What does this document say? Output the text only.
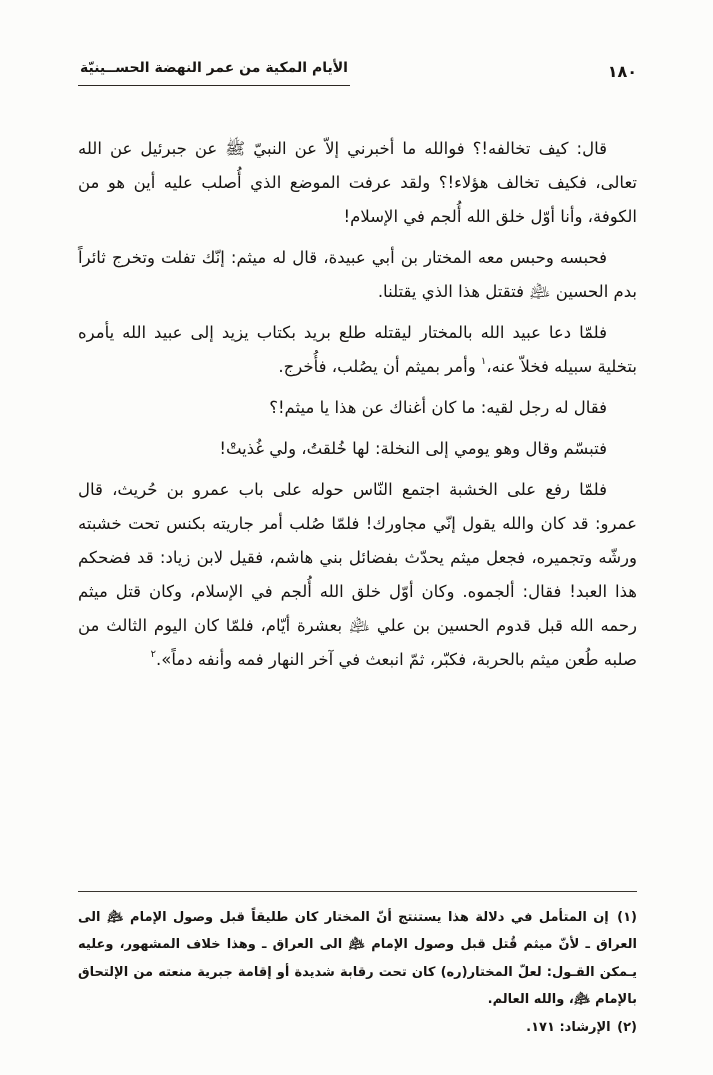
١٨٠
الأيام المكية من عمر النهضة الحســينيّة

قال: كيف تخالفه!؟ فوالله ما أخبرني إلاّ عن النبيّ ﷺ عن جبرئيل عن الله تعالى، فكيف تخالف هؤلاء!؟ ولقد عرفت الموضع الذي أُصلب عليه أين هو من الكوفة، وأنا أوّل خلق الله أُلجم في الإسلام!

فحبسه وحبس معه المختار بن أبي عبيدة، قال له ميثم: إنّك تفلت وتخرج ثائراً بدم الحسين ﵇ فتقتل هذا الذي يقتلنا.

فلمّا دعا عبيد الله بالمختار ليقتله طلع بريد بكتاب يزيد إلى عبيد الله يأمره بتخلية سبيله فخلاّ عنه،$^١$ وأمر بميثم أن يصُلب، فأُخرج.

فقال له رجل لقيه: ما كان أغناك عن هذا يا ميثم!؟

فتبسّم وقال وهو يومي إلى النخلة: لها خُلقتُ، ولي غُذيتْ!

فلمّا رفع على الخشبة اجتمع النّاس حوله على باب عمرو بن حُريث، قال عمرو: قد كان والله يقول إنّي مجاورك! فلمّا صُلب أمر جاريته بكنس تحت خشبته ورشّه وتجميره، فجعل ميثم يحدّث بفضائل بني هاشم، فقيل لابن زياد: قد فضحكم هذا العبد! فقال: ألجموه. وكان أوّل خلق الله أُلجم في الإسلام، وكان قتل ميثم رحمه الله قبل قدوم الحسين بن علي ﵇ بعشرة أيّام، فلمّا كان اليوم الثالث من صلبه طُعن ميثم بالحربة، فكبّر، ثمّ انبعث في آخر النهار فمه وأنفه دماً».$^٢$

(١) إن المتأمل في دلالة هذا يستنتج أنّ المختار كان طليقاً قبل وصول الإمام ﵇ الى العراق ـ لأنّ ميثم قُتل قبل وصول الإمام ﵇ الى العراق ـ وهذا خلاف المشهور، وعليه يـمكن القـول: لعلّ المختار(ره) كان تحت رقابة شديدة أو إقامة جبرية منعته من الإلتحاق بالإمام ﵇، والله العالم.

(٢) الإرشاد: ١٧١.
